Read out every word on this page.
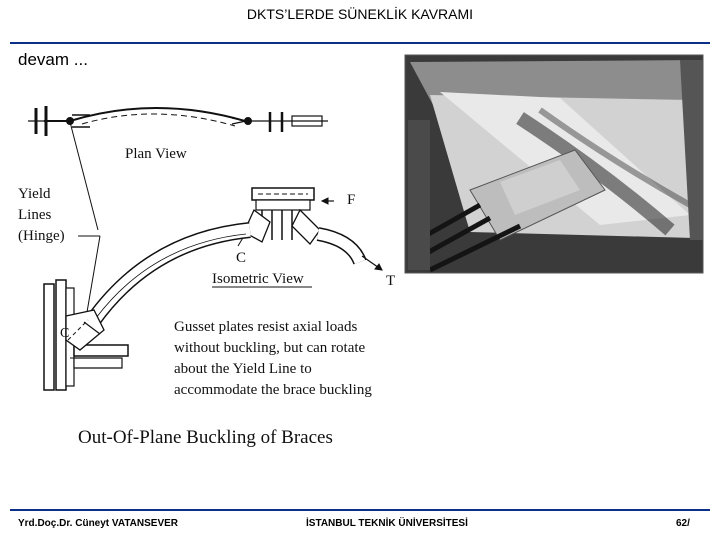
DKTS’LERDE SÜNEKLİK KAVRAMI
devam ...
Plan View
Yield
Lines
(Hinge)
F
T
C
Isometric View
C	Gusset plates resist axial loads
without buckling, but can rotate
about the Yield Line to
accommodate the brace buckling
Out-Of-Plane Buckling of Braces
Yrd.Doç.Dr. Cüneyt VATANSEVER	İSTANBUL TEKNİK ÜNİVERSİTESİ	62/
